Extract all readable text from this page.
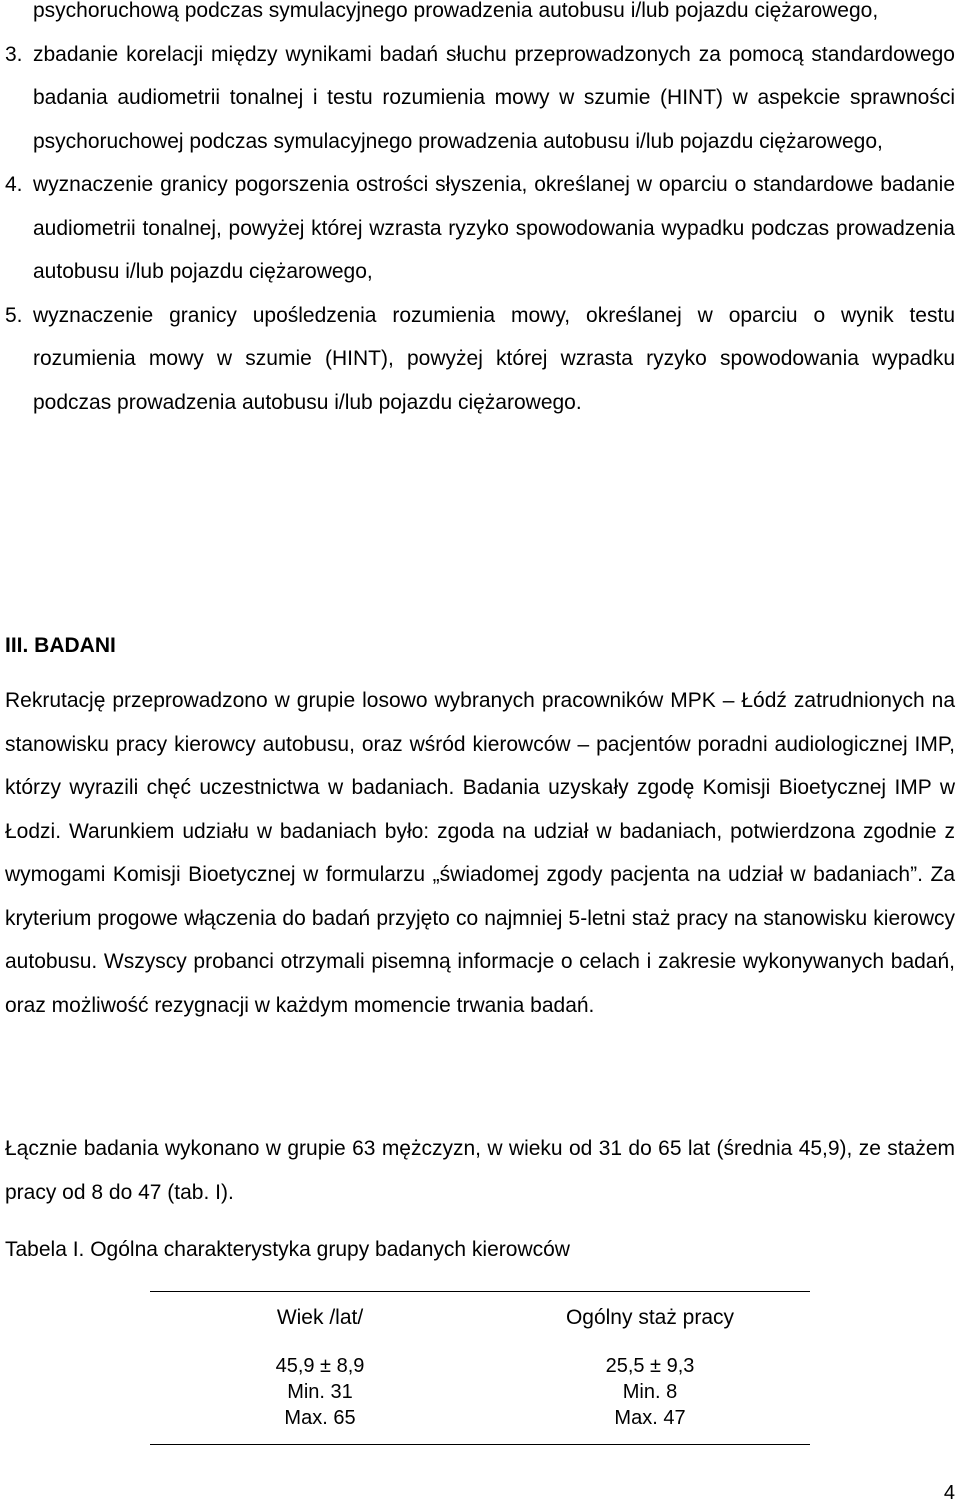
psychoruchową podczas symulacyjnego prowadzenia autobusu i/lub pojazdu ciężarowego,

3. zbadanie korelacji między wynikami badań słuchu przeprowadzonych za pomocą standardowego badania audiometrii tonalnej i testu rozumienia mowy w szumie (HINT) w aspekcie sprawności psychoruchowej podczas symulacyjnego prowadzenia autobusu i/lub pojazdu ciężarowego,

4. wyznaczenie granicy pogorszenia ostrości słyszenia, określanej w oparciu o standardowe badanie audiometrii tonalnej, powyżej której wzrasta ryzyko spowodowania wypadku podczas prowadzenia autobusu i/lub pojazdu ciężarowego,

5. wyznaczenie granicy upośledzenia rozumienia mowy, określanej w oparciu o wynik testu rozumienia mowy w szumie (HINT), powyżej której wzrasta ryzyko spowodowania wypadku podczas prowadzenia autobusu i/lub pojazdu ciężarowego.

III. BADANI

Rekrutację przeprowadzono w grupie losowo wybranych pracowników MPK – Łódź zatrudnionych na stanowisku pracy kierowcy autobusu, oraz wśród kierowców – pacjentów poradni audiologicznej IMP, którzy wyrazili chęć uczestnictwa w badaniach. Badania uzyskały zgodę Komisji Bioetycznej IMP w Łodzi. Warunkiem udziału w badaniach było: zgoda na udział w badaniach, potwierdzona zgodnie z wymogami Komisji Bioetycznej w formularzu „świadomej zgody pacjenta na udział w badaniach”. Za kryterium progowe włączenia do badań przyjęto co najmniej 5-letni staż pracy na stanowisku kierowcy autobusu. Wszyscy probanci otrzymali pisemną informacje o celach i zakresie wykonywanych badań, oraz możliwość rezygnacji w każdym momencie trwania badań.

Łącznie badania wykonano w grupie 63 mężczyzn, w wieku od 31 do 65 lat (średnia 45,9), ze stażem pracy od 8 do 47 (tab. I).

Tabela I. Ogólna charakterystyka grupy badanych kierowców

Wiek /lat/	Ogólny staż pracy
45,9 ± 8,9
Min. 31
Max. 65
25,5 ± 9,3
Min. 8
Max. 47
4
